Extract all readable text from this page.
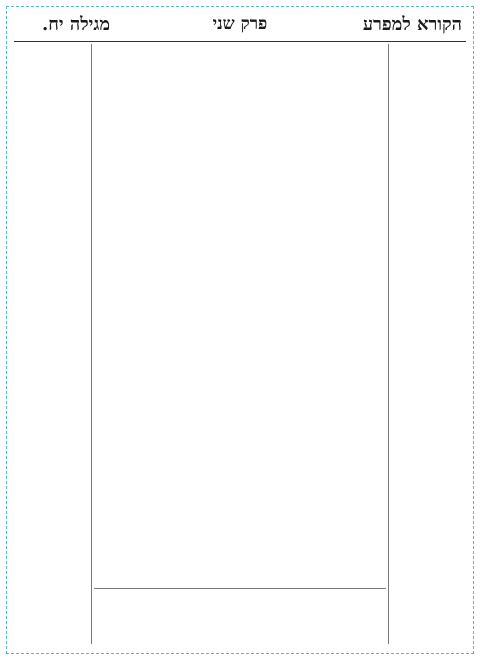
הקורא למפרע
פרק שני
מגילה יח.
